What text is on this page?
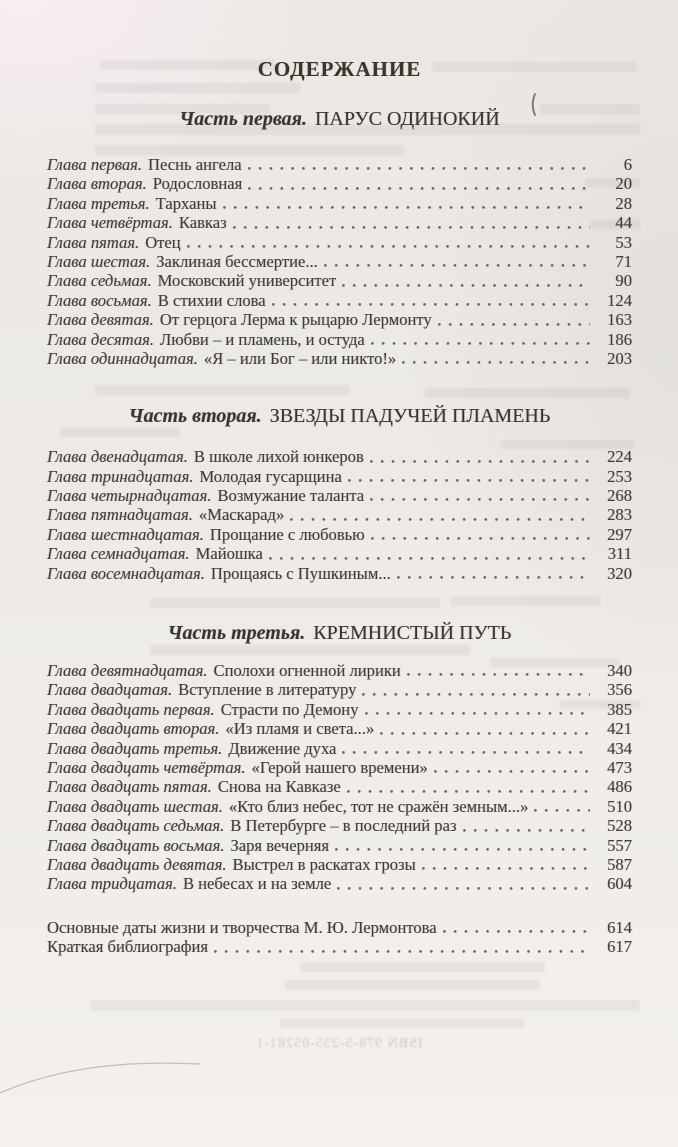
ISBN 978-5-235-05281-1
СОДЕРЖАНИЕ
Часть первая. ПАРУС ОДИНОКИЙ
Глава первая. Песнь ангела	6
Глава вторая. Родословная	20
Глава третья. Тарханы	28
Глава четвёртая. Кавказ	44
Глава пятая. Отец	53
Глава шестая. Заклиная бессмертие...	71
Глава седьмая. Московский университет	90
Глава восьмая. В стихии слова	124
Глава девятая. От герцога Лерма к рыцарю Лермонту	163
Глава десятая. Любви – и пламень, и остуда	186
Глава одиннадцатая. «Я – или Бог – или никто!»	203
Часть вторая. ЗВЕЗДЫ ПАДУЧЕЙ ПЛАМЕНЬ
Глава двенадцатая. В школе лихой юнкеров	224
Глава тринадцатая. Молодая гусарщина	253
Глава четырнадцатая. Возмужание таланта	268
Глава пятнадцатая. «Маскарад»	283
Глава шестнадцатая. Прощание с любовью	297
Глава семнадцатая. Майошка	311
Глава восемнадцатая. Прощаясь с Пушкиным...	320
Часть третья. КРЕМНИСТЫЙ ПУТЬ
Глава девятнадцатая. Сполохи огненной лирики	340
Глава двадцатая. Вступление в литературу	356
Глава двадцать первая. Страсти по Демону	385
Глава двадцать вторая. «Из пламя и света...»	421
Глава двадцать третья. Движение духа	434
Глава двадцать четвёртая. «Герой нашего времени»	473
Глава двадцать пятая. Снова на Кавказе	486
Глава двадцать шестая. «Кто близ небес, тот не сражён земным...»	510
Глава двадцать седьмая. В Петербурге – в последний раз	528
Глава двадцать восьмая. Заря вечерняя	557
Глава двадцать девятая. Выстрел в раскатах грозы	587
Глава тридцатая. В небесах и на земле	604
Основные даты жизни и творчества М. Ю. Лермонтова	614
Краткая библиография	617
